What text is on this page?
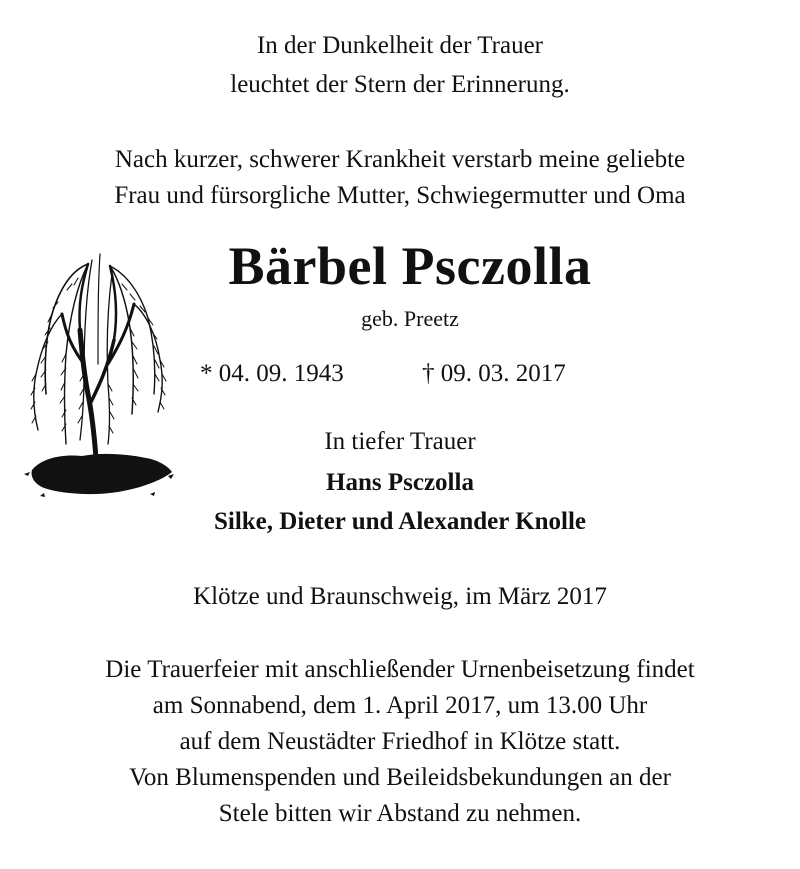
In der Dunkelheit der Trauer
leuchtet der Stern der Erinnerung.
Nach kurzer, schwerer Krankheit verstarb meine geliebte
Frau und fürsorgliche Mutter, Schwiegermutter und Oma
Bärbel Psczolla
geb. Preetz
* 04. 09. 1943	† 09. 03. 2017
In tiefer Trauer
Hans Psczolla
Silke, Dieter und Alexander Knolle
Klötze und Braunschweig, im März 2017
Die Trauerfeier mit anschließender Urnenbeisetzung findet
am Sonnabend, dem 1. April 2017, um 13.00 Uhr
auf dem Neustädter Friedhof in Klötze statt.
Von Blumenspenden und Beileidsbekundungen an der
Stele bitten wir Abstand zu nehmen.
